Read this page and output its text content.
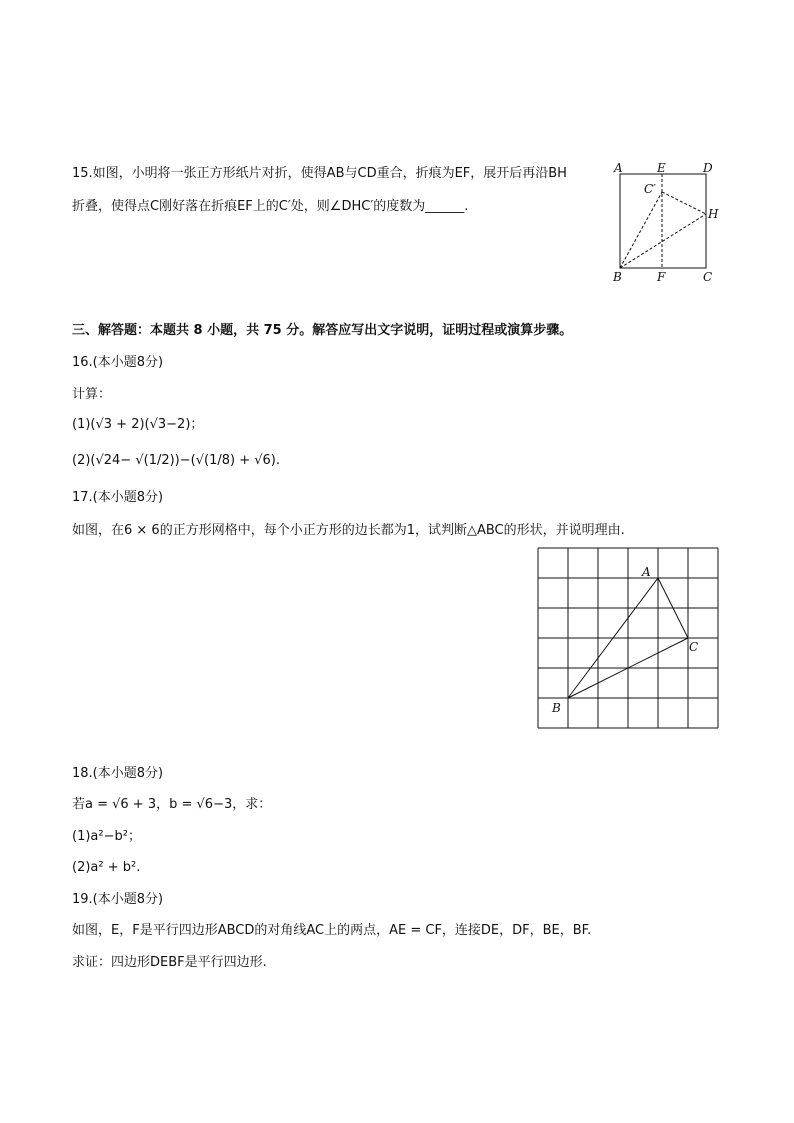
15.如图，小明将一张正方形纸片对折，使得AB与CD重合，折痕为EF，展开后再沿BH
折叠，使得点C刚好落在折痕EF上的C′处，则∠DHC′的度数为______.
A	E	D
C′
H
B	F	C
三、解答题：本题共 8 小题，共 75 分。解答应写出文字说明，证明过程或演算步骤。
16.(本小题8分)
计算：
(1)(√3 + 2)(√3−2)；
(2)(√24− √(1/2))−(√(1/8) + √6).
17.(本小题8分)
如图，在6 × 6的正方形网格中，每个小正方形的边长都为1，试判断△ABC的形状，并说明理由.
A
C
B
18.(本小题8分)
若a = √6 + 3，b = √6−3，求：
(1)a²−b²；
(2)a² + b².
19.(本小题8分)
如图，E，F是平行四边形ABCD的对角线AC上的两点，AE = CF，连接DE，DF，BE，BF.
求证：四边形DEBF是平行四边形.
